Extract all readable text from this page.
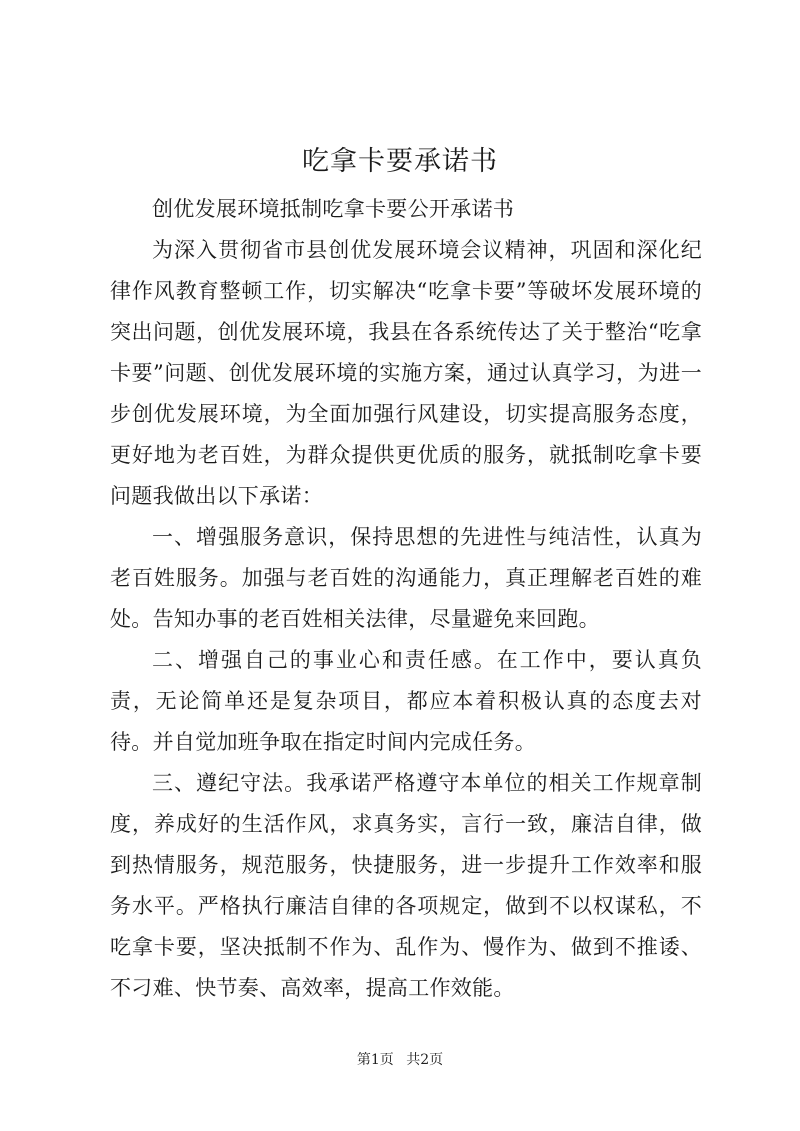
吃拿卡要承诺书

创优发展环境抵制吃拿卡要公开承诺书

为深入贯彻省市县创优发展环境会议精神，巩固和深化纪律作风教育整顿工作，切实解决“吃拿卡要”等破坏发展环境的突出问题，创优发展环境，我县在各系统传达了关于整治“吃拿卡要”问题、创优发展环境的实施方案，通过认真学习，为进一步创优发展环境，为全面加强行风建设，切实提高服务态度，更好地为老百姓，为群众提供更优质的服务，就抵制吃拿卡要问题我做出以下承诺：

一、增强服务意识，保持思想的先进性与纯洁性，认真为老百姓服务。加强与老百姓的沟通能力，真正理解老百姓的难处。告知办事的老百姓相关法律，尽量避免来回跑。

二、增强自己的事业心和责任感。在工作中，要认真负责，无论简单还是复杂项目，都应本着积极认真的态度去对待。并自觉加班争取在指定时间内完成任务。

三、遵纪守法。我承诺严格遵守本单位的相关工作规章制度，养成好的生活作风，求真务实，言行一致，廉洁自律，做到热情服务，规范服务，快捷服务，进一步提升工作效率和服务水平。严格执行廉洁自律的各项规定，做到不以权谋私，不吃拿卡要，坚决抵制不作为、乱作为、慢作为、做到不推诿、不刁难、快节奏、高效率，提高工作效能。

第1页 共2页
